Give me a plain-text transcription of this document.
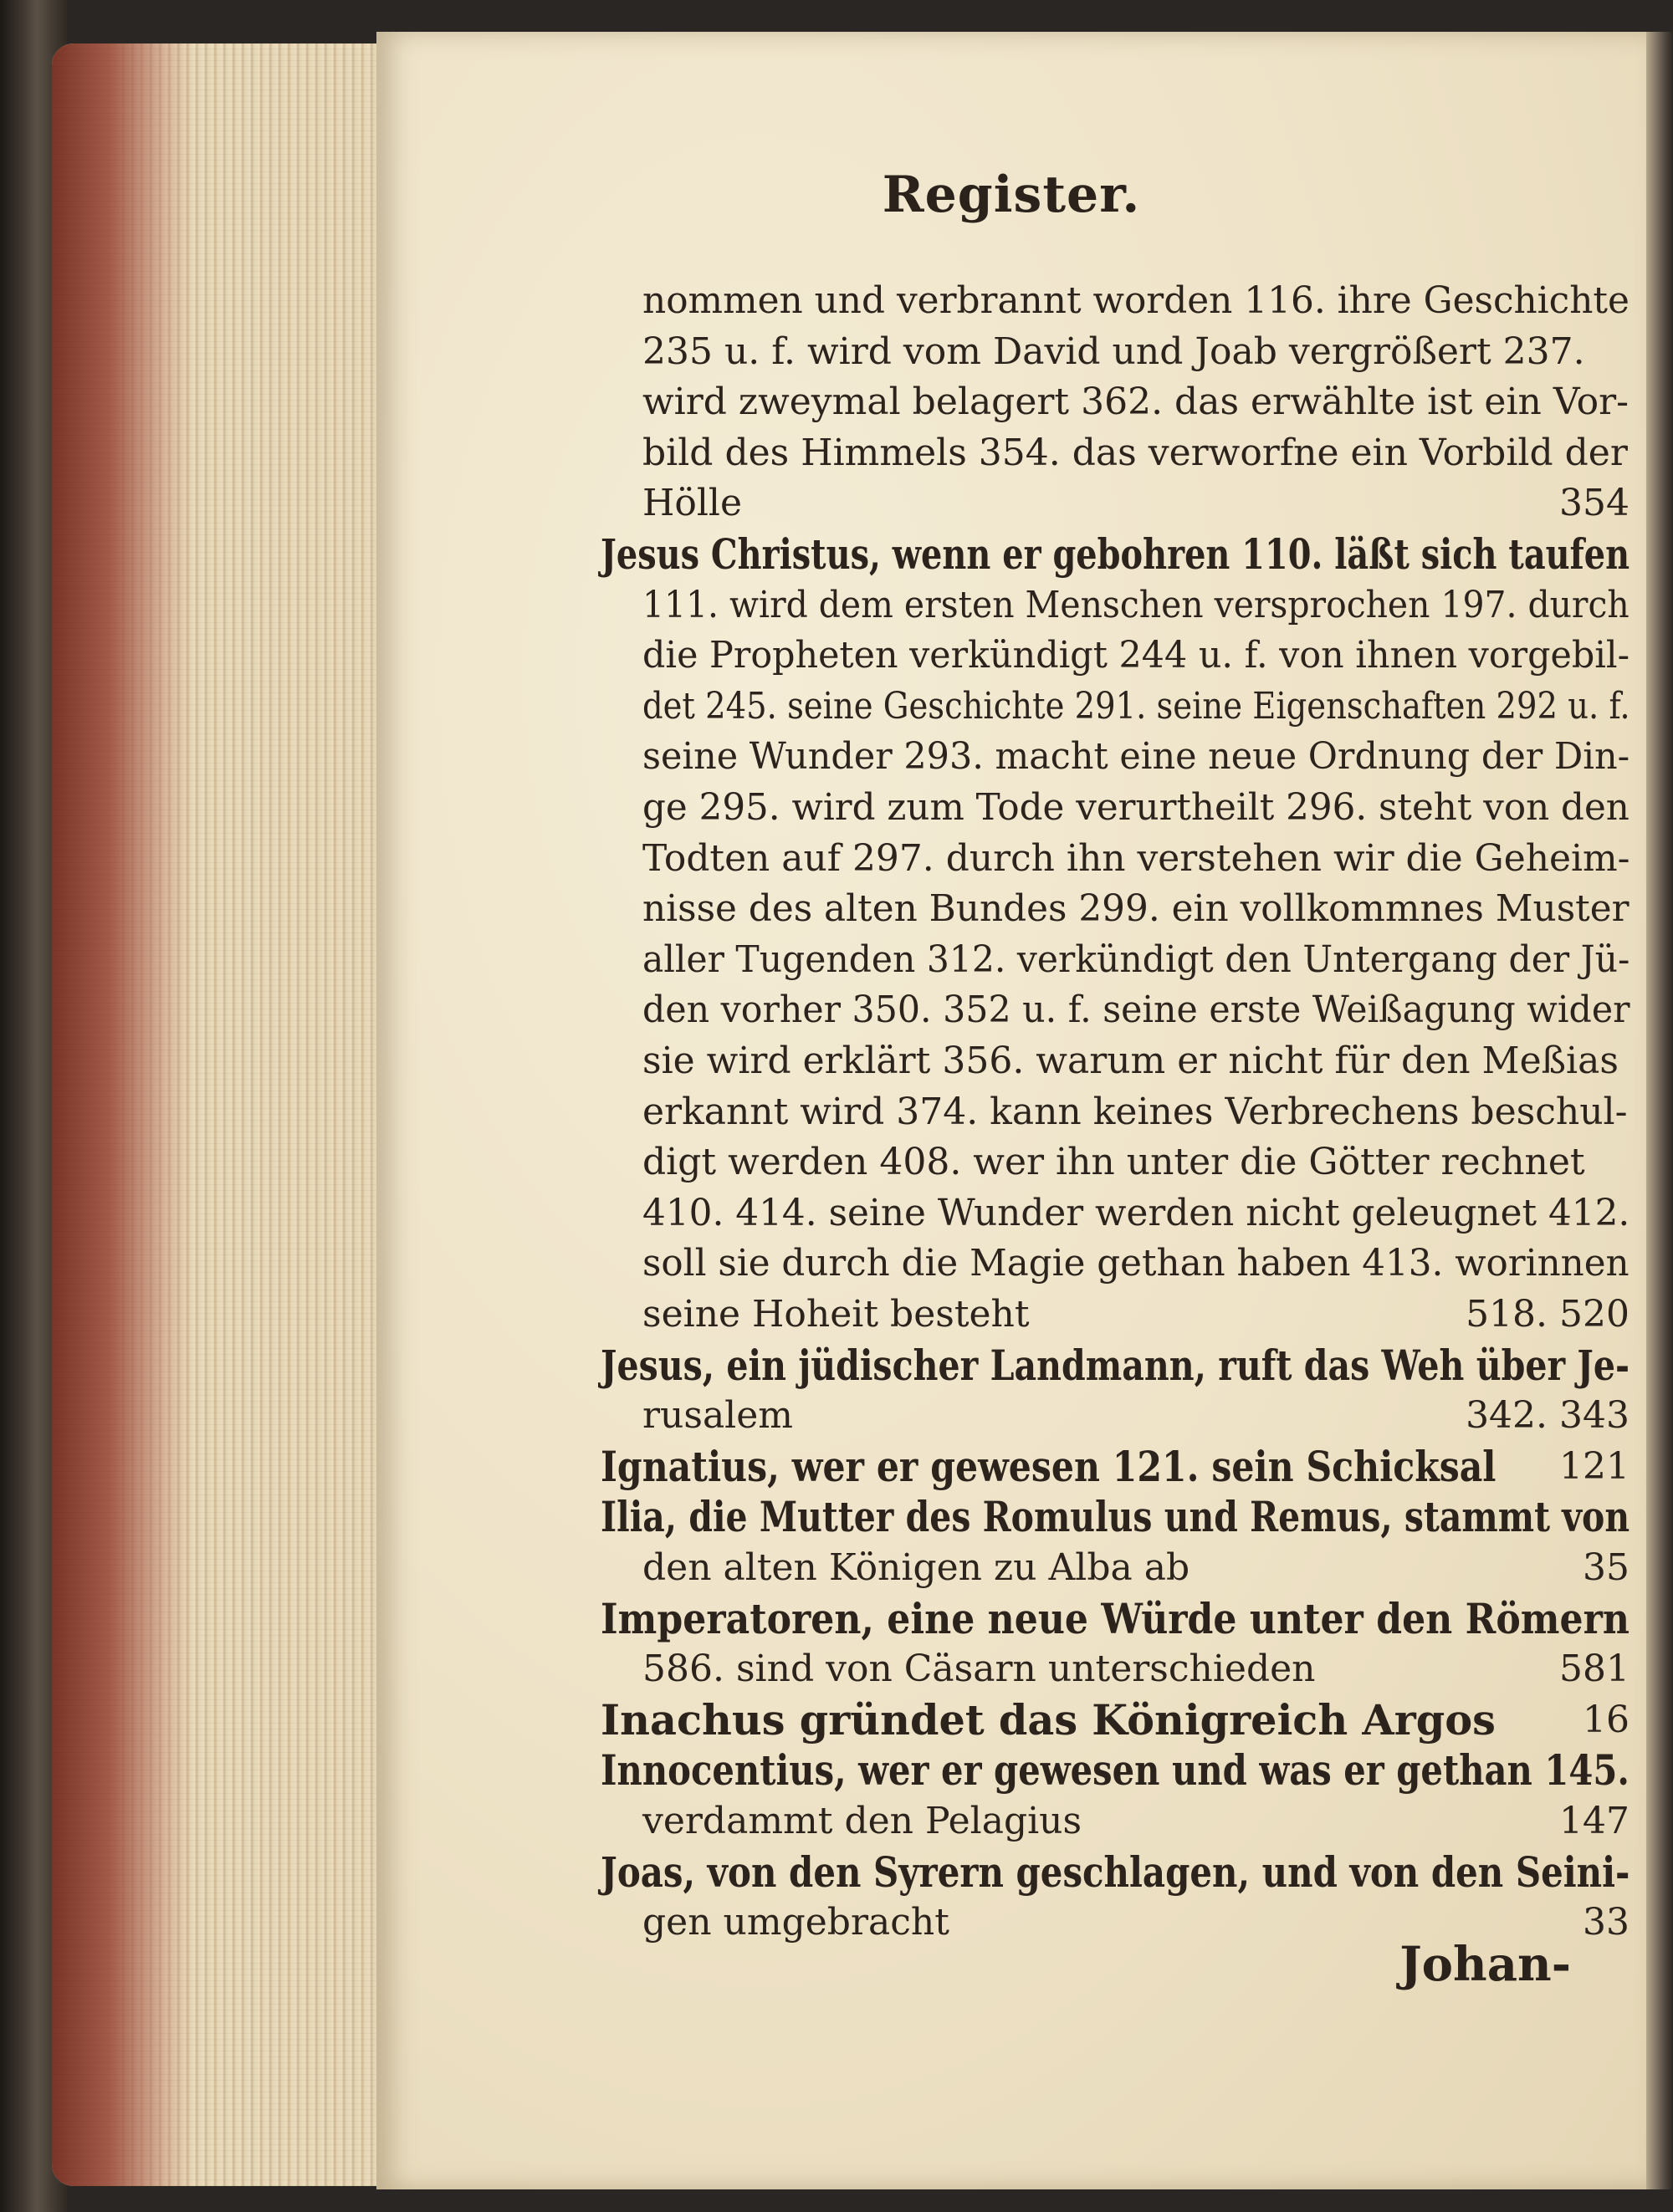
Register.
nommen und verbrannt worden 116. ihre Geschichte
235 u. f. wird vom David und Joab vergrößert 237.
wird zweymal belagert 362. das erwählte ist ein Vor-
bild des Himmels 354. das verworfne ein Vorbild der
Hölle	354
Jesus Christus, wenn er gebohren 110. läßt sich taufen
111. wird dem ersten Menschen versprochen 197. durch
die Propheten verkündigt 244 u. f. von ihnen vorgebil-
det 245. seine Geschichte 291. seine Eigenschaften 292 u. f.
seine Wunder 293. macht eine neue Ordnung der Din-
ge 295. wird zum Tode verurtheilt 296. steht von den
Todten auf 297. durch ihn verstehen wir die Geheim-
nisse des alten Bundes 299. ein vollkommnes Muster
aller Tugenden 312. verkündigt den Untergang der Jü-
den vorher 350. 352 u. f. seine erste Weißagung wider
sie wird erklärt 356. warum er nicht für den Meßias
erkannt wird 374. kann keines Verbrechens beschul-
digt werden 408. wer ihn unter die Götter rechnet
410. 414. seine Wunder werden nicht geleugnet 412.
soll sie durch die Magie gethan haben 413. worinnen
seine Hoheit besteht	518. 520
Jesus, ein jüdischer Landmann, ruft das Weh über Je-
rusalem	342. 343
Ignatius, wer er gewesen 121. sein Schicksal 121
Ilia, die Mutter des Romulus und Remus, stammt von
den alten Königen zu Alba ab	35
Imperatoren, eine neue Würde unter den Römern
586. sind von Cäsarn unterschieden	581
Inachus gründet das Königreich Argos 16
Innocentius, wer er gewesen und was er gethan 145.
verdammt den Pelagius	147
Joas, von den Syrern geschlagen, und von den Seini-
gen umgebracht	33
Johan-
